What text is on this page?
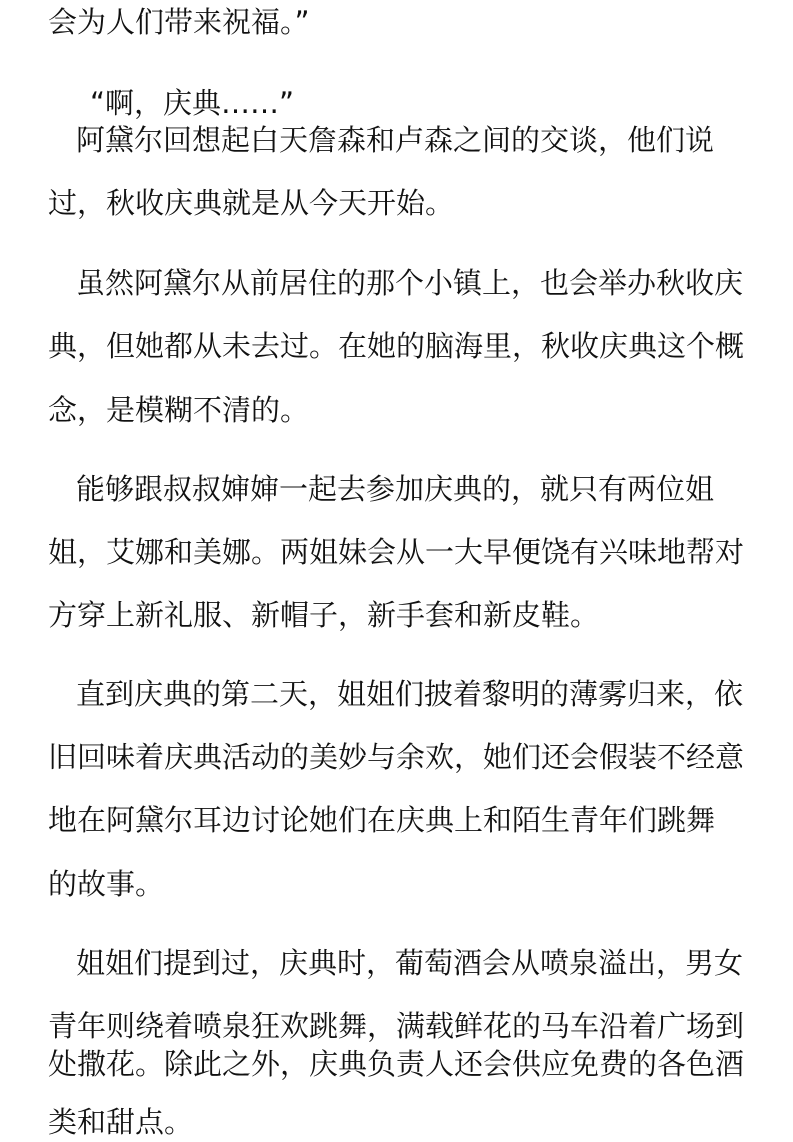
会为人们带来祝福。”
“啊，庆典……”
阿黛尔回想起白天詹森和卢森之间的交谈，他们说
过，秋收庆典就是从今天开始。
虽然阿黛尔从前居住的那个小镇上，也会举办秋收庆
典，但她都从未去过。在她的脑海里，秋收庆典这个概
念，是模糊不清的。
能够跟叔叔婶婶一起去参加庆典的，就只有两位姐
姐，艾娜和美娜。两姐妹会从一大早便饶有兴味地帮对
方穿上新礼服、新帽子，新手套和新皮鞋。
直到庆典的第二天，姐姐们披着黎明的薄雾归来，依
旧回味着庆典活动的美妙与余欢，她们还会假装不经意
地在阿黛尔耳边讨论她们在庆典上和陌生青年们跳舞
的故事。
姐姐们提到过，庆典时，葡萄酒会从喷泉溢出，男女
青年则绕着喷泉狂欢跳舞，满载鲜花的马车沿着广场到
处撒花。除此之外，庆典负责人还会供应免费的各色酒
类和甜点。
